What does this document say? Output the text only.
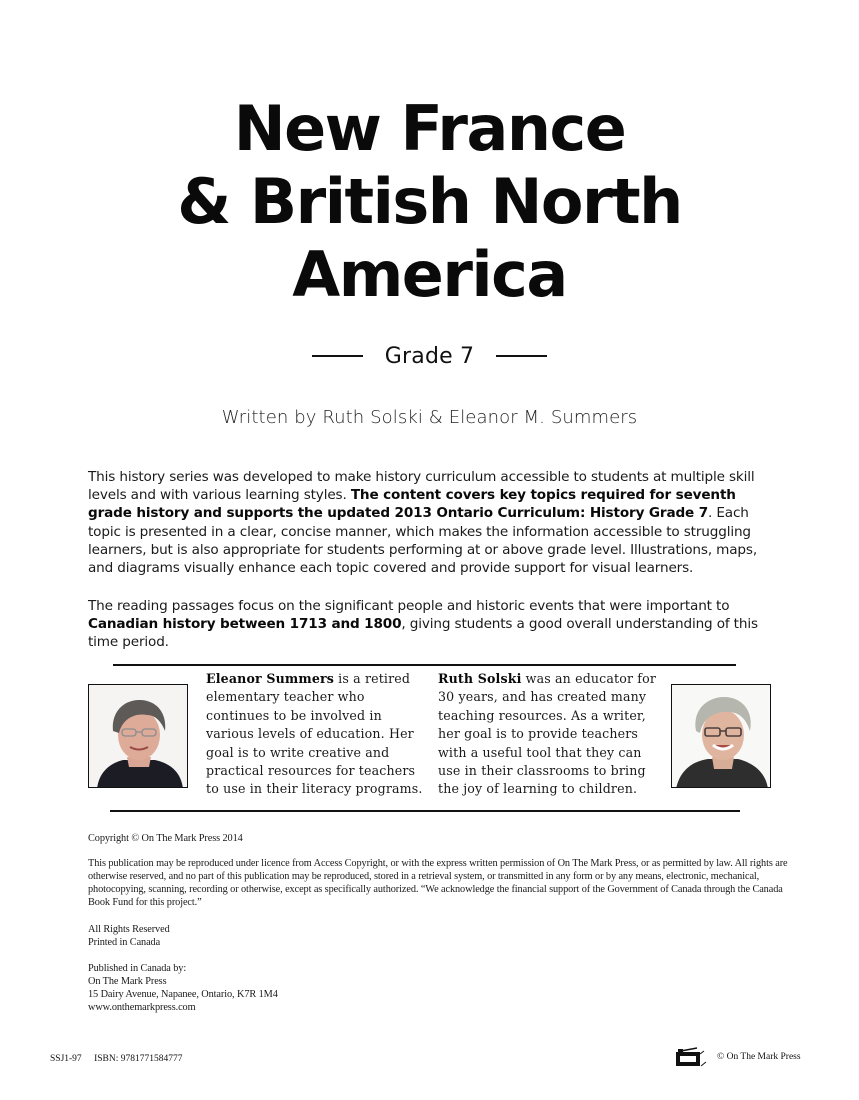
New France
& British North
America
Grade 7
Written by Ruth Solski & Eleanor M. Summers

This history series was developed to make history curriculum accessible to students at multiple skill levels and with various learning styles. The content covers key topics required for seventh grade history and supports the updated 2013 Ontario Curriculum: History Grade 7. Each topic is presented in a clear, concise manner, which makes the information accessible to struggling learners, but is also appropriate for students performing at or above grade level. Illustrations, maps, and diagrams visually enhance each topic covered and provide support for visual learners.

The reading passages focus on the significant people and historic events that were important to Canadian history between 1713 and 1800, giving students a good overall understanding of this time period.

Eleanor Summers is a retired elementary teacher who continues to be involved in various levels of education. Her goal is to write creative and practical resources for teachers to use in their literacy programs.

Ruth Solski was an educator for 30 years, and has created many teaching resources. As a writer, her goal is to provide teachers with a useful tool that they can use in their classrooms to bring the joy of learning to children.

Copyright © On The Mark Press 2014

This publication may be reproduced under licence from Access Copyright, or with the express written permission of On The Mark Press, or as permitted by law. All rights are otherwise reserved, and no part of this publication may be reproduced, stored in a retrieval system, or transmitted in any form or by any means, electronic, mechanical, photocopying, scanning, recording or otherwise, except as specifically authorized. “We acknowledge the financial support of the Government of Canada through the Canada Book Fund for this project.”

All Rights Reserved
Printed in Canada
Published in Canada by:
On The Mark Press
15 Dairy Avenue, Napanee, Ontario, K7R 1M4
www.onthemarkpress.com
SSJ1-97 ISBN: 9781771584777	© On The Mark Press
